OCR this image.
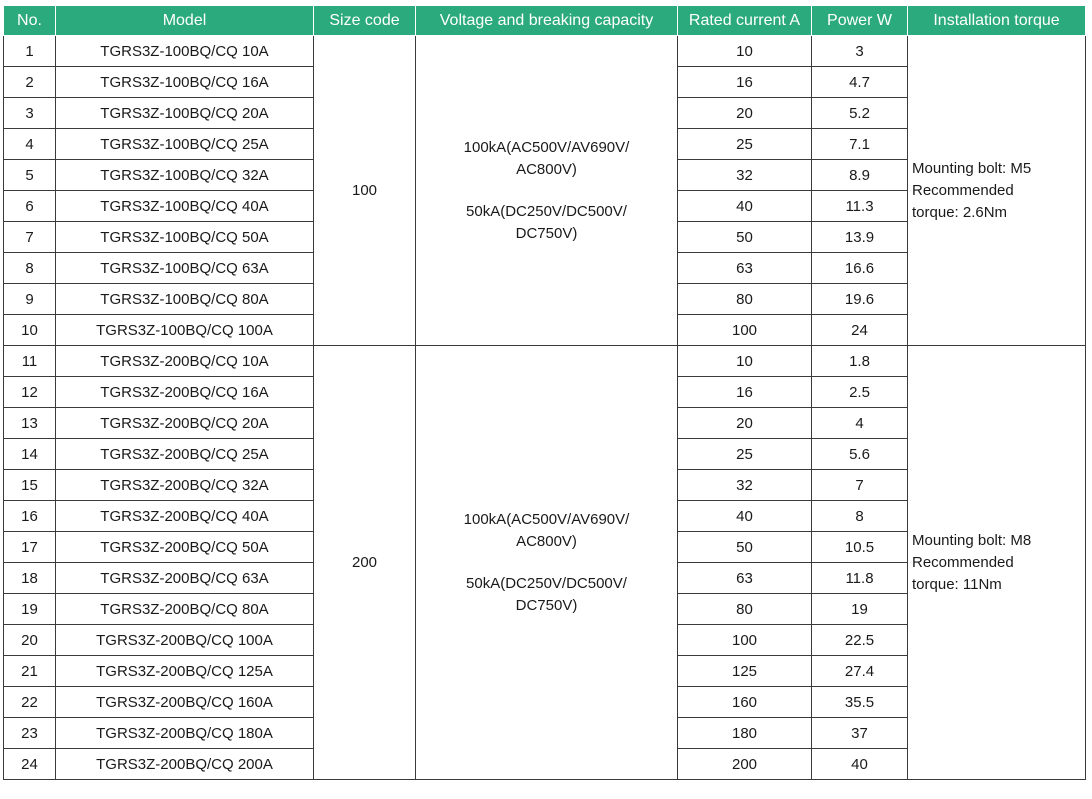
No.	Model	Size code	Voltage and breaking capacity	Rated current A	Power W	Installation torque
1	TGRS3Z-100BQ/CQ 10A	100	100kA(AC500V/AV690V/
AC800V)
50kA(DC250V/DC500V/
DC750V)	10	3	Mounting bolt: M5
Recommended
torque: 2.6Nm

2	TGRS3Z-100BQ/CQ 16A			16	4.7	
3	TGRS3Z-100BQ/CQ 20A			20	5.2	
4	TGRS3Z-100BQ/CQ 25A			25	7.1	
5	TGRS3Z-100BQ/CQ 32A			32	8.9	
6	TGRS3Z-100BQ/CQ 40A			40	11.3	
7	TGRS3Z-100BQ/CQ 50A			50	13.9	
8	TGRS3Z-100BQ/CQ 63A			63	16.6	
9	TGRS3Z-100BQ/CQ 80A			80	19.6	
10	TGRS3Z-100BQ/CQ 100A			100	24	
11	TGRS3Z-200BQ/CQ 10A	200	100kA(AC500V/AV690V/
AC800V)
50kA(DC250V/DC500V/
DC750V)	10	1.8	Mounting bolt: M8
Recommended
torque: 11Nm

12	TGRS3Z-200BQ/CQ 16A			16	2.5	
13	TGRS3Z-200BQ/CQ 20A			20	4	
14	TGRS3Z-200BQ/CQ 25A			25	5.6	
15	TGRS3Z-200BQ/CQ 32A			32	7	
16	TGRS3Z-200BQ/CQ 40A			40	8	
17	TGRS3Z-200BQ/CQ 50A			50	10.5	
18	TGRS3Z-200BQ/CQ 63A			63	11.8	
19	TGRS3Z-200BQ/CQ 80A			80	19	
20	TGRS3Z-200BQ/CQ 100A			100	22.5	
21	TGRS3Z-200BQ/CQ 125A			125	27.4	
22	TGRS3Z-200BQ/CQ 160A			160	35.5	
23	TGRS3Z-200BQ/CQ 180A			180	37	
24	TGRS3Z-200BQ/CQ 200A			200	40	
